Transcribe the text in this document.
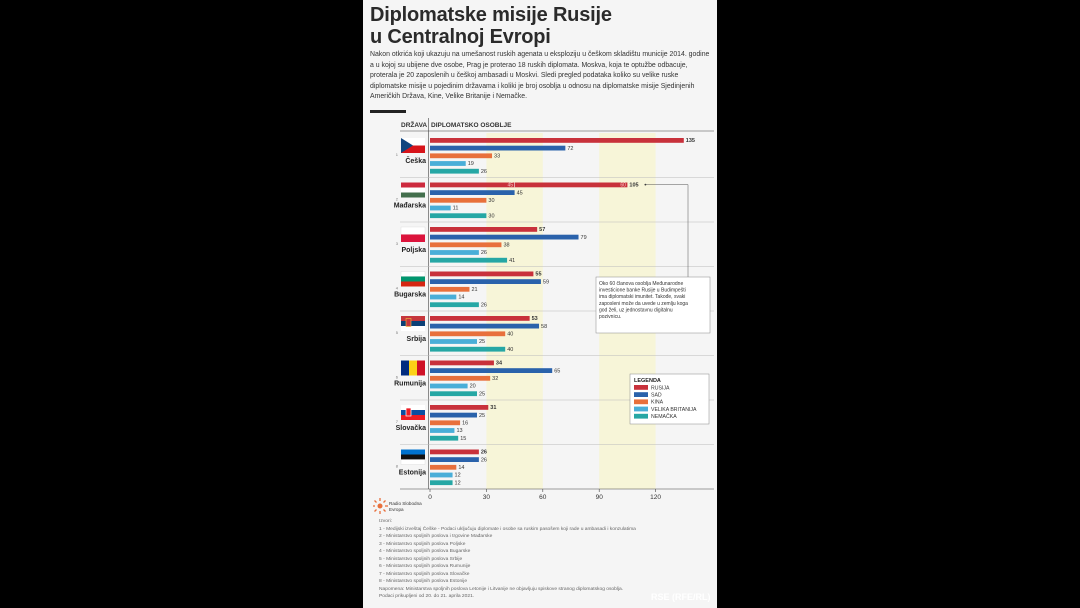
Diplomatske misije Rusije
u Centralnoj Evropi
Nakon otkrića koji ukazuju na umešanost ruskih agenata u eksploziju u češkom skladištu municije 2014. godine a u kojoj su ubijene dve osobe, Prag je proterao 18 ruskih diplomata. Moskva, koja te optužbe odbacuje, proterala je 20 zaposlenih u češkoj ambasadi u Moskvi. Sledi pregled podataka koliko su velike ruske diplomatske misije u pojedinim državama i koliki je broj osoblja u odnosu na diplomatske misije Sjedinjenih Američkih Država, Kine, Velike Britanije i Nemačke.
1
Češka
135
72
33
19
26
2
Mađarska
105
45
30
11
30
3
Poljska
57
79
38
26
41
4
Bugarska
55
59
21
14
26
5
Srbija
53
58
40
25
40
6
Rumunija
34
65
32
20
25
7
Slovačka
31
25
16
13
15
8
Estonija
26
26
14
12
12
45	60
0	30	60	90	120
LEGENDA
RUSIJA
SAD
KINA
VELIKA BRITANIJA
NEMAČKA
Oko 60 članova osoblja Međunarodne investicione banke Rusije u Budimpešti ima diplomatski imunitet. Takođe, svaki zaposleni može da uvede u zemlju koga god želi, uz jednostavnu digitalnu pozivnicu.
DRŽAVA DIPLOMATSKO OSOBLJE
Radio Slobodna
Evropa
Izvori:
1 - Medijski izveštaj Češke - Podaci uključuju diplomate i osobe sa ruskim pasošem koji rade u ambasadi i konzulatima
2 - Ministarstvo spoljnih poslova i trgovine Mađarske
3 - Ministarstvo spoljnih poslova Poljske
4 - Ministarstvo spoljnih poslova Bugarske
5 - Ministarstvo spoljnih poslova Srbije
6 - Ministarstvo spoljnih poslova Rumunije
7 - Ministarstvo spoljnih poslova Slovačke
8 - Ministarstvo spoljnih poslova Estonije
Napomena: Ministarstva spoljnih poslova Letonije i Litvanije ne objavljuju spiskove stranog diplomatskog osoblja.
Podaci prikupljeni od 20. do 21. aprila 2021.	RSE (RFE/RL)
